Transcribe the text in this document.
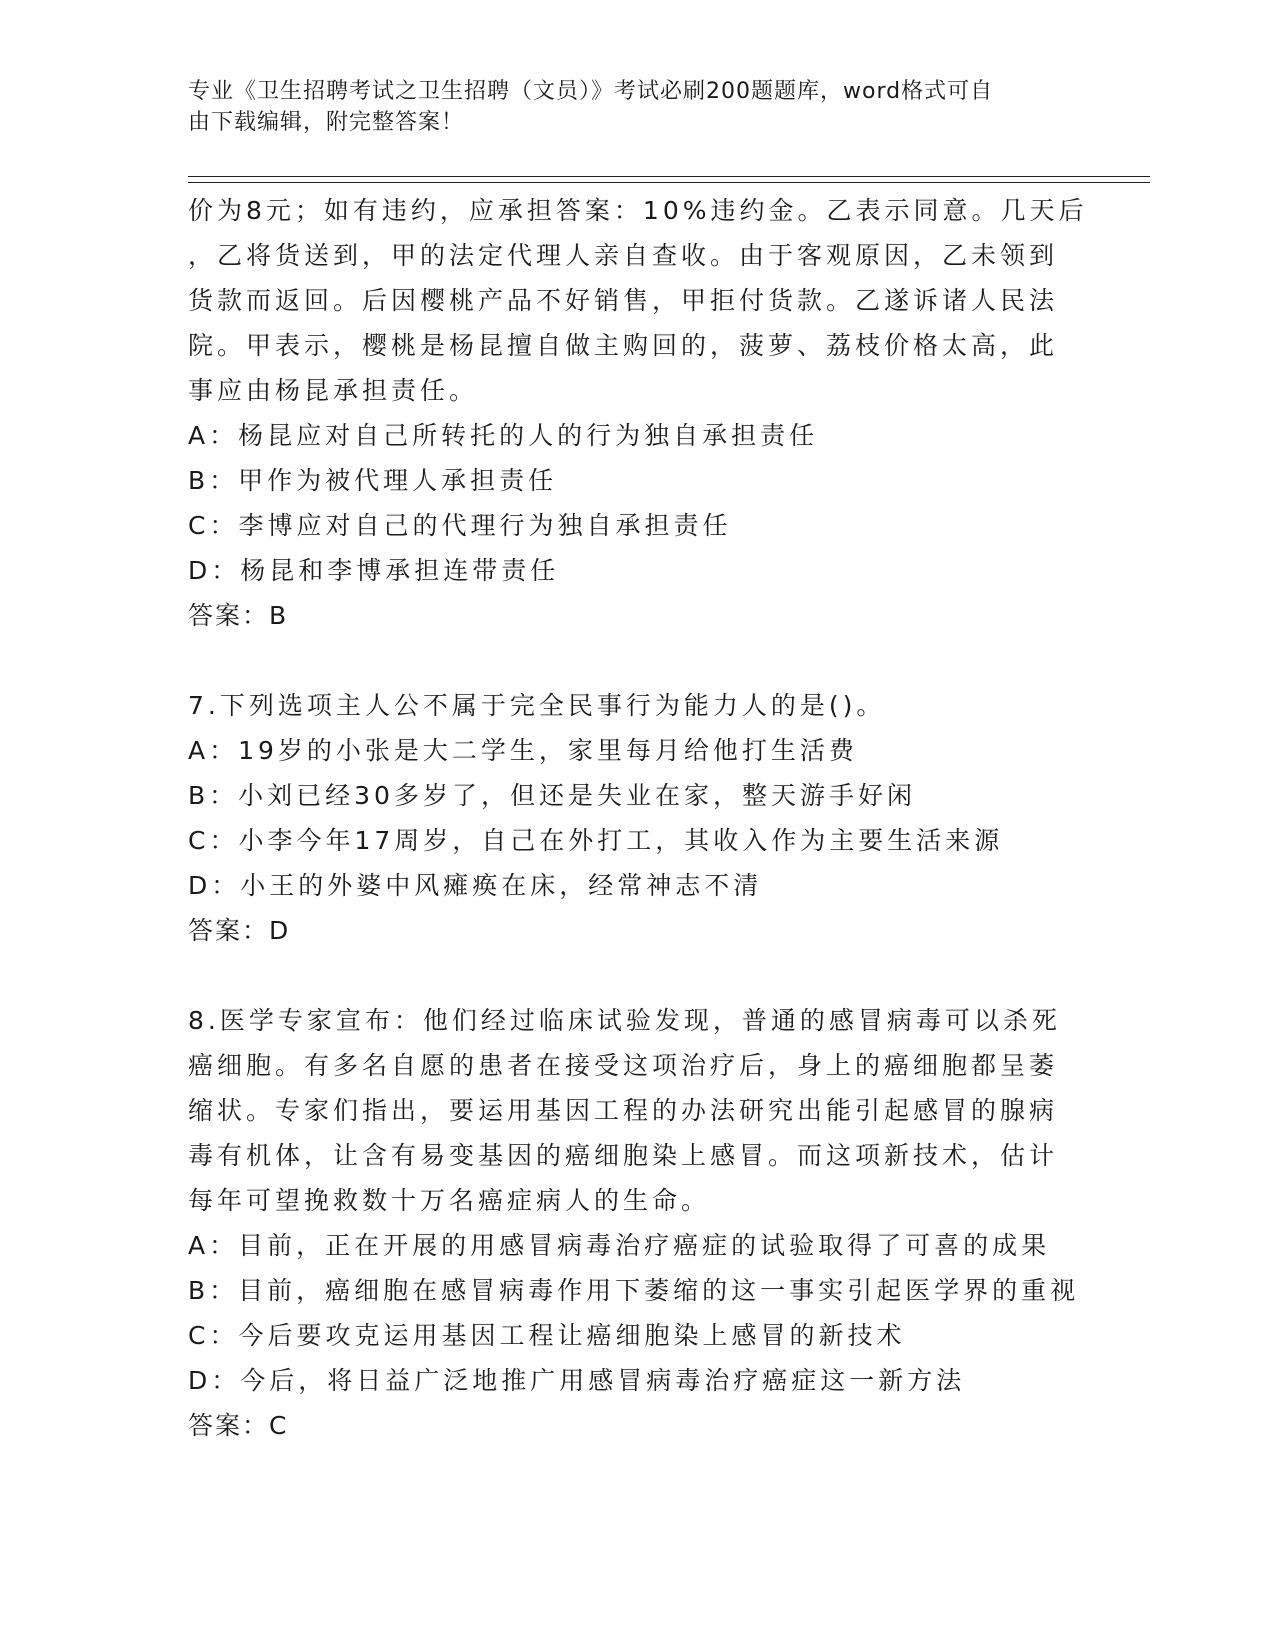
专业《卫生招聘考试之卫生招聘（文员）》考试必刷200题题库，word格式可自
由下载编辑，附完整答案！
价为8元；如有违约，应承担答案：10%违约金。乙表示同意。几天后
，乙将货送到，甲的法定代理人亲自查收。由于客观原因，乙未领到
货款而返回。后因樱桃产品不好销售，甲拒付货款。乙遂诉诸人民法
院。甲表示，樱桃是杨昆擅自做主购回的，菠萝、荔枝价格太高，此
事应由杨昆承担责任。
A：杨昆应对自己所转托的人的行为独自承担责任
B：甲作为被代理人承担责任
C：李博应对自己的代理行为独自承担责任
D：杨昆和李博承担连带责任
答案：B
7.下列选项主人公不属于完全民事行为能力人的是()。
A：19岁的小张是大二学生，家里每月给他打生活费
B：小刘已经30多岁了，但还是失业在家，整天游手好闲
C：小李今年17周岁，自己在外打工，其收入作为主要生活来源
D：小王的外婆中风瘫痪在床，经常神志不清
答案：D
8.医学专家宣布：他们经过临床试验发现，普通的感冒病毒可以杀死
癌细胞。有多名自愿的患者在接受这项治疗后，身上的癌细胞都呈萎
缩状。专家们指出，要运用基因工程的办法研究出能引起感冒的腺病
毒有机体，让含有易变基因的癌细胞染上感冒。而这项新技术，估计
每年可望挽救数十万名癌症病人的生命。
A：目前，正在开展的用感冒病毒治疗癌症的试验取得了可喜的成果
B：目前，癌细胞在感冒病毒作用下萎缩的这一事实引起医学界的重视
C：今后要攻克运用基因工程让癌细胞染上感冒的新技术
D：今后，将日益广泛地推广用感冒病毒治疗癌症这一新方法
答案：C
